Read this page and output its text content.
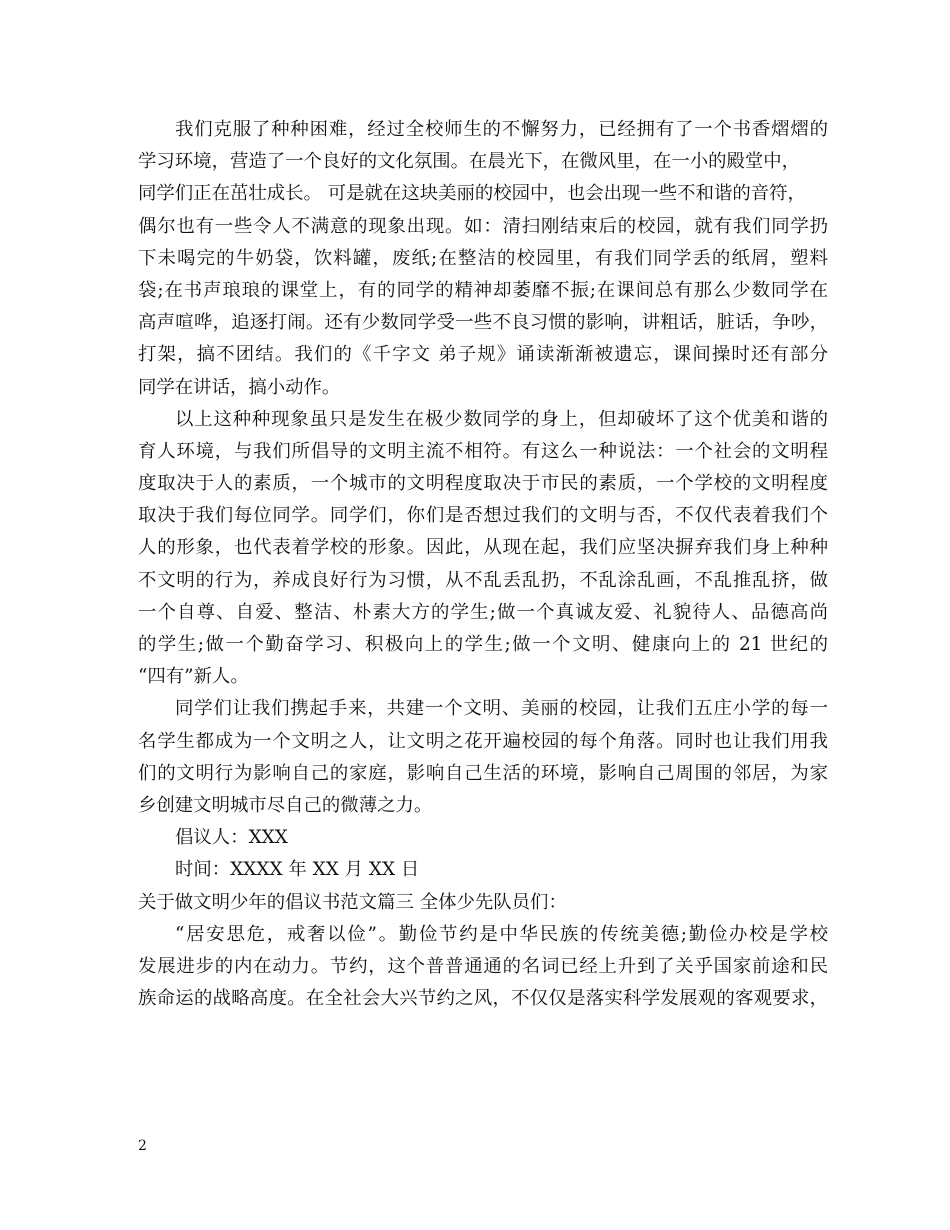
我们克服了种种困难，经过全校师生的不懈努力，已经拥有了一个书香熠熠的
学习环境，营造了一个良好的文化氛围。在晨光下，在微风里，在一小的殿堂中，
同学们正在茁壮成长。 可是就在这块美丽的校园中，也会出现一些不和谐的音符，
偶尔也有一些令人不满意的现象出现。如：清扫刚结束后的校园，就有我们同学扔
下未喝完的牛奶袋，饮料罐，废纸;在整洁的校园里，有我们同学丢的纸屑，塑料
袋;在书声琅琅的课堂上，有的同学的精神却萎靡不振;在课间总有那么少数同学在
高声喧哗，追逐打闹。还有少数同学受一些不良习惯的影响，讲粗话，脏话，争吵，
打架，搞不团结。我们的《千字文 弟子规》诵读渐渐被遗忘，课间操时还有部分
同学在讲话，搞小动作。
以上这种种现象虽只是发生在极少数同学的身上，但却破坏了这个优美和谐的
育人环境，与我们所倡导的文明主流不相符。有这么一种说法：一个社会的文明程
度取决于人的素质，一个城市的文明程度取决于市民的素质，一个学校的文明程度
取决于我们每位同学。同学们，你们是否想过我们的文明与否，不仅代表着我们个
人的形象，也代表着学校的形象。因此，从现在起，我们应坚决摒弃我们身上种种
不文明的行为，养成良好行为习惯，从不乱丢乱扔，不乱涂乱画，不乱推乱挤，做
一个自尊、自爱、整洁、朴素大方的学生;做一个真诚友爱、礼貌待人、品德高尚
的学生;做一个勤奋学习、积极向上的学生;做一个文明、健康向上的 21 世纪的
“四有”新人。
同学们让我们携起手来，共建一个文明、美丽的校园，让我们五庄小学的每一
名学生都成为一个文明之人，让文明之花开遍校园的每个角落。同时也让我们用我
们的文明行为影响自己的家庭，影响自己生活的环境，影响自己周围的邻居，为家
乡创建文明城市尽自己的微薄之力。
倡议人：XXX
时间：XXXX 年 XX 月 XX 日
关于做文明少年的倡议书范文篇三 全体少先队员们：
“居安思危，戒奢以俭”。勤俭节约是中华民族的传统美德;勤俭办校是学校
发展进步的内在动力。节约，这个普普通通的名词已经上升到了关乎国家前途和民
族命运的战略高度。在全社会大兴节约之风，不仅仅是落实科学发展观的客观要求，
2
